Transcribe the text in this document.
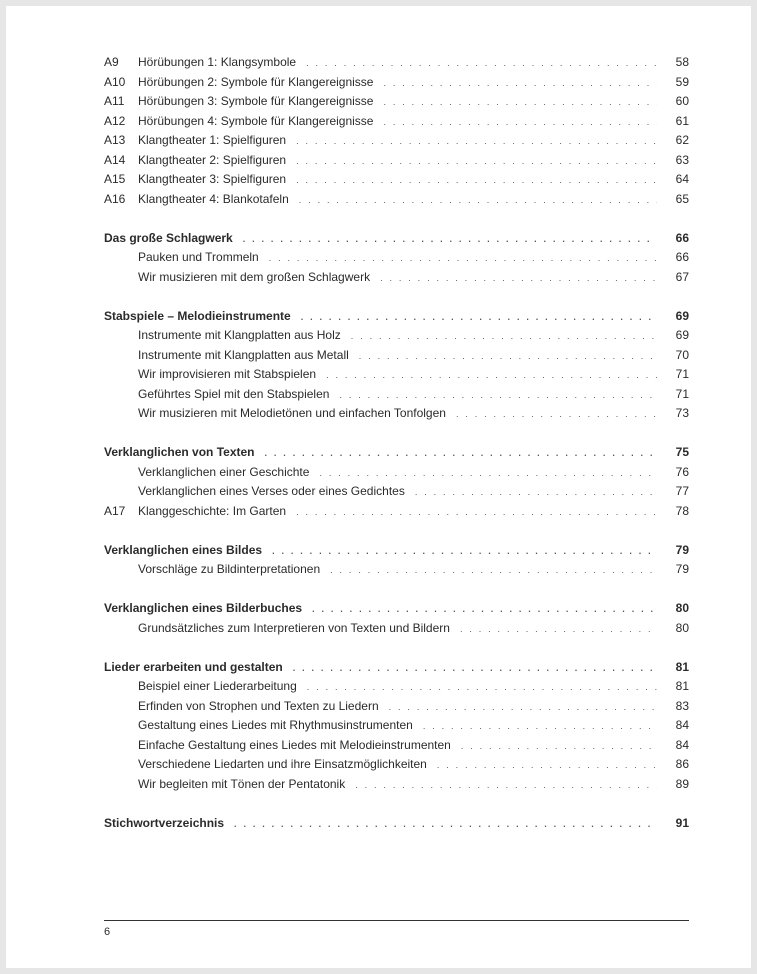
A9 Hörübungen 1: Klangsymbole . . .	58
A10 Hörübungen 2: Symbole für Klangereignisse . . .	59
A11 Hörübungen 3: Symbole für Klangereignisse . . .	60
A12 Hörübungen 4: Symbole für Klangereignisse . . .	61
A13 Klangtheater 1: Spielfiguren . . .	62
A14 Klangtheater 2: Spielfiguren . . .	63
A15 Klangtheater 3: Spielfiguren . . .	64
A16 Klangtheater 4: Blankotafeln . . .	65
Das große Schlagwerk . . .	66
Pauken und Trommeln . . .	66
Wir musizieren mit dem großen Schlagwerk . . .	67
Stabspiele – Melodieinstrumente . . .	69
Instrumente mit Klangplatten aus Holz . . .	69
Instrumente mit Klangplatten aus Metall . . .	70
Wir improvisieren mit Stabspielen . . .	71
Geführtes Spiel mit den Stabspielen . . .	71
Wir musizieren mit Melodietönen und einfachen Tonfolgen . . .	73
Verklanglichen von Texten . . .	75
Verklanglichen einer Geschichte . . .	76
Verklanglichen eines Verses oder eines Gedichtes . . .	77
A17 Klanggeschichte: Im Garten . . .	78
Verklanglichen eines Bildes . . .	79
Vorschläge zu Bildinterpretationen . . .	79
Verklanglichen eines Bilderbuches . . .	80
Grundsätzliches zum Interpretieren von Texten und Bildern . . .	80
Lieder erarbeiten und gestalten . . .	81
Beispiel einer Liederarbeitung . . .	81
Erfinden von Strophen und Texten zu Liedern . . .	83
Gestaltung eines Liedes mit Rhythmusinstrumenten . . .	84
Einfache Gestaltung eines Liedes mit Melodieinstrumenten . . .	84
Verschiedene Liedarten und ihre Einsatzmöglichkeiten . . .	86
Wir begleiten mit Tönen der Pentatonik . . .	89
Stichwortverzeichnis . . .	91
6
